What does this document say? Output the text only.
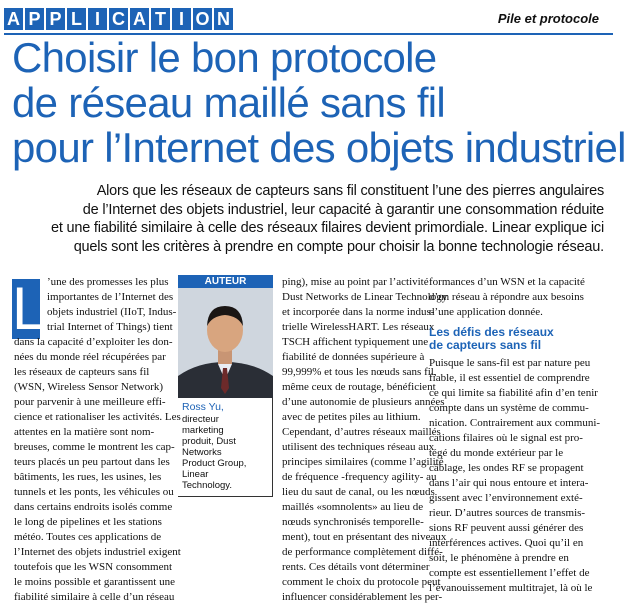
A P P L I C A T I O N	Pile et protocole
Choisir le bon protocole
de réseau maillé sans fil
pour l’Internet des objets industriel
Alors que les réseaux de capteurs sans fil constituent l’une des pierres angulaires
de l’Internet des objets industriel, leur capacité à garantir une consommation réduite
et une fiabilité similaire à celle des réseaux filaires devient primordiale. Linear explique ici
quels sont les critères à prendre en compte pour choisir la bonne technologie réseau.
L ’une des promesses les plus
importantes de l’Internet des
objets industriel (IIoT, Indus-
trial Internet of Things) tient
dans la capacité d’exploiter les don-
nées du monde réel récupérées par
les réseaux de capteurs sans fil
(WSN, Wireless Sensor Network)
pour parvenir à une meilleure effi-
cience et rationaliser les activités. Les
attentes en la matière sont nom-
breuses, comme le montrent les cap-
teurs placés un peu partout dans les
bâtiments, les rues, les usines, les
tunnels et les ponts, les véhicules ou
dans certains endroits isolés comme
le long de pipelines et les stations
météo. Toutes ces applications de
l’Internet des objets industriel exigent
toutefois que les WSN consomment
le moins possible et garantissent une
fiabilité similaire à celle d’un réseau
AUTEUR
Ross Yu,
directeur
marketing
produit, Dust
Networks
Product Group,
Linear
Technology.
ping), mise au point par l’activité
Dust Networks de Linear Technology
et incorporée dans la norme indus-
trielle WirelessHART. Les réseaux
TSCH affichent typiquement une
fiabilité de données supérieure à
99,999% et tous les nœuds sans fil,
même ceux de routage, bénéficient
d’une autonomie de plusieurs années
avec de petites piles au lithium.
Cependant, d’autres réseaux maillés
utilisent des techniques réseau aux
principes similaires (comme l’agilité
de fréquence -frequency agility- au
lieu du saut de canal, ou les nœuds
maillés «somnolents» au lieu de
nœuds synchronisés temporelle-
ment), tout en présentant des niveaux
de performance complètement diffé-
rents. Ces détails vont déterminer
comment le choix du protocole peut
influencer considérablement les per-
formances d’un WSN et la capacité
d’un réseau à répondre aux besoins
d’une application donnée.
Les défis des réseaux
de capteurs sans fil
Puisque le sans-fil est par nature peu
fiable, il est essentiel de comprendre
ce qui limite sa fiabilité afin d’en tenir
compte dans un système de commu-
nication. Contrairement aux communi-
cations filaires où le signal est pro-
tégé du monde extérieur par le
câblage, les ondes RF se propagent
dans l’air qui nous entoure et intera-
gissent avec l’environnement exté-
rieur. D’autres sources de transmis-
sions RF peuvent aussi générer des
interférences actives. Quoi qu’il en
soit, le phénomène à prendre en
compte est essentiellement l’effet de
l’évanouissement multitrajet, là où le
